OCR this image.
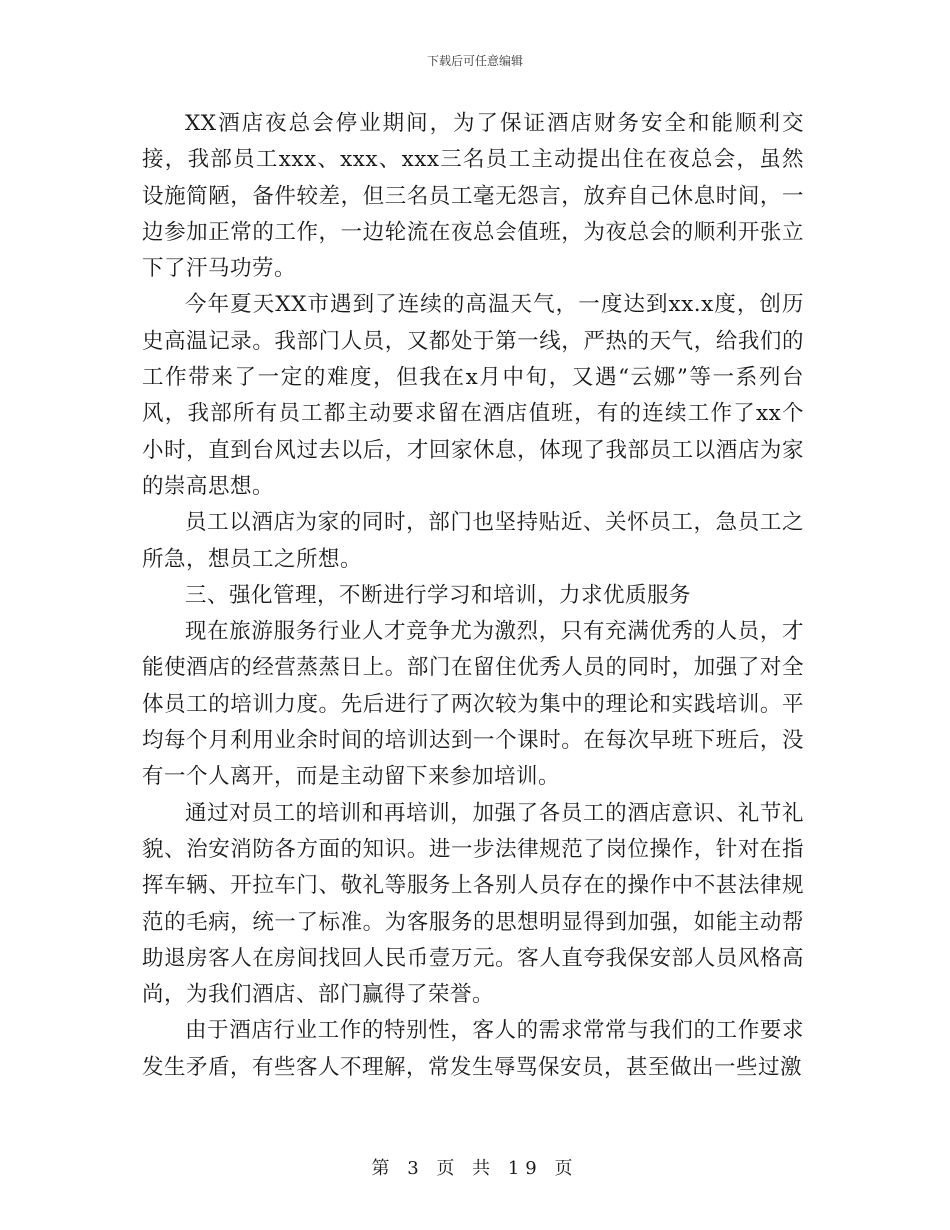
下载后可任意编辑

XX酒店夜总会停业期间，为了保证酒店财务安全和能顺利交接，我部员工xxx、xxx、xxx三名员工主动提出住在夜总会，虽然设施简陋，备件较差，但三名员工毫无怨言，放弃自己休息时间，一边参加正常的工作，一边轮流在夜总会值班，为夜总会的顺利开张立下了汗马功劳。

今年夏天XX市遇到了连续的高温天气，一度达到xx.x度，创历史高温记录。我部门人员，又都处于第一线，严热的天气，给我们的工作带来了一定的难度，但我在x月中旬，又遇“云娜”等一系列台风，我部所有员工都主动要求留在酒店值班，有的连续工作了xx个小时，直到台风过去以后，才回家休息，体现了我部员工以酒店为家的崇高思想。

员工以酒店为家的同时，部门也坚持贴近、关怀员工，急员工之所急，想员工之所想。

三、强化管理，不断进行学习和培训，力求优质服务

现在旅游服务行业人才竞争尤为激烈，只有充满优秀的人员，才能使酒店的经营蒸蒸日上。部门在留住优秀人员的同时，加强了对全体员工的培训力度。先后进行了两次较为集中的理论和实践培训。平均每个月利用业余时间的培训达到一个课时。在每次早班下班后，没有一个人离开，而是主动留下来参加培训。

通过对员工的培训和再培训，加强了各员工的酒店意识、礼节礼貌、治安消防各方面的知识。进一步法律规范了岗位操作，针对在指挥车辆、开拉车门、敬礼等服务上各别人员存在的操作中不甚法律规范的毛病，统一了标准。为客服务的思想明显得到加强，如能主动帮助退房客人在房间找回人民币壹万元。客人直夸我保安部人员风格高尚，为我们酒店、部门赢得了荣誉。

由于酒店行业工作的特别性，客人的需求常常与我们的工作要求发生矛盾，有些客人不理解，常发生辱骂保安员，甚至做出一些过激

第 3 页 共 19 页
